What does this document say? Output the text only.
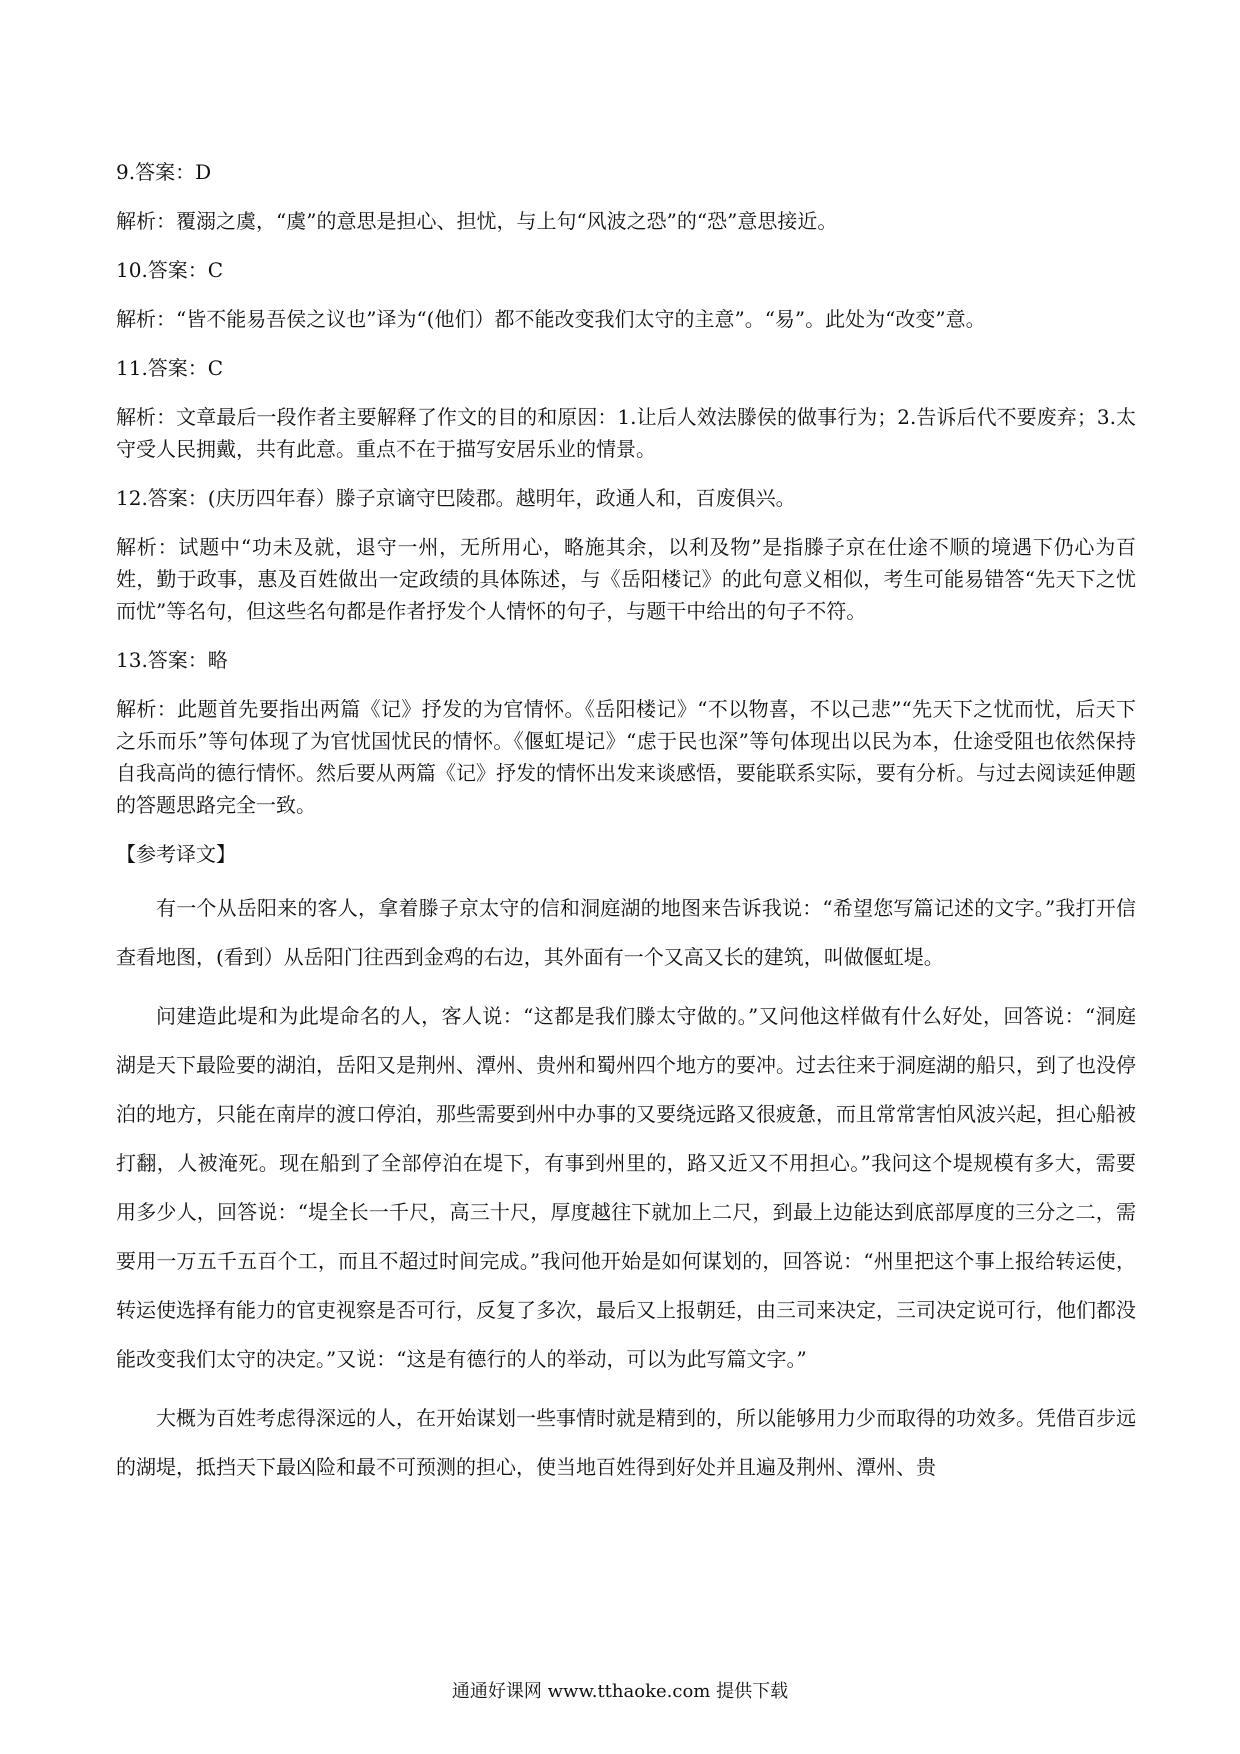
9.答案：D
解析：覆溺之虞，“虞”的意思是担心、担忧，与上句“风波之恐”的“恐”意思接近。
10.答案：C
解析：“皆不能易吾侯之议也”译为“(他们）都不能改变我们太守的主意”。“易”。此处为“改变”意。
11.答案：C
解析：文章最后一段作者主要解释了作文的目的和原因：1.让后人效法滕侯的做事行为；2.告诉后代不要废弃；3.太守受人民拥戴，共有此意。重点不在于描写安居乐业的情景。
12.答案：(庆历四年春）滕子京谪守巴陵郡。越明年，政通人和，百废俱兴。
解析：试题中“功未及就，退守一州，无所用心，略施其余，以利及物”是指滕子京在仕途不顺的境遇下仍心为百姓，勤于政事，惠及百姓做出一定政绩的具体陈述，与《岳阳楼记》的此句意义相似，考生可能易错答“先天下之忧而忧”等名句，但这些名句都是作者抒发个人情怀的句子，与题干中给出的句子不符。
13.答案：略
解析：此题首先要指出两篇《记》抒发的为官情怀。《岳阳楼记》“不以物喜，不以己悲”“先天下之忧而忧，后天下之乐而乐”等句体现了为官忧国忧民的情怀。《偃虹堤记》“虑于民也深”等句体现出以民为本，仕途受阻也依然保持自我高尚的德行情怀。然后要从两篇《记》抒发的情怀出发来谈感悟，要能联系实际，要有分析。与过去阅读延伸题的答题思路完全一致。
【参考译文】

有一个从岳阳来的客人，拿着滕子京太守的信和洞庭湖的地图来告诉我说：“希望您写篇记述的文字。”我打开信查看地图，(看到）从岳阳门往西到金鸡的右边，其外面有一个又高又长的建筑，叫做偃虹堤。

问建造此堤和为此堤命名的人，客人说：“这都是我们滕太守做的。”又问他这样做有什么好处，回答说：“洞庭湖是天下最险要的湖泊，岳阳又是荆州、潭州、贵州和蜀州四个地方的要冲。过去往来于洞庭湖的船只，到了也没停泊的地方，只能在南岸的渡口停泊，那些需要到州中办事的又要绕远路又很疲惫，而且常常害怕风波兴起，担心船被打翻，人被淹死。现在船到了全部停泊在堤下，有事到州里的，路又近又不用担心。”我问这个堤规模有多大，需要用多少人，回答说：“堤全长一千尺，高三十尺，厚度越往下就加上二尺，到最上边能达到底部厚度的三分之二，需要用一万五千五百个工，而且不超过时间完成。”我问他开始是如何谋划的，回答说：“州里把这个事上报给转运使，转运使选择有能力的官吏视察是否可行，反复了多次，最后又上报朝廷，由三司来决定，三司决定说可行，他们都没能改变我们太守的决定。”又说：“这是有德行的人的举动，可以为此写篇文字。”

大概为百姓考虑得深远的人，在开始谋划一些事情时就是精到的，所以能够用力少而取得的功效多。凭借百步远的湖堤，抵挡天下最凶险和最不可预测的担心，使当地百姓得到好处并且遍及荆州、潭州、贵

通通好课网 www.tthaoke.com 提供下载
